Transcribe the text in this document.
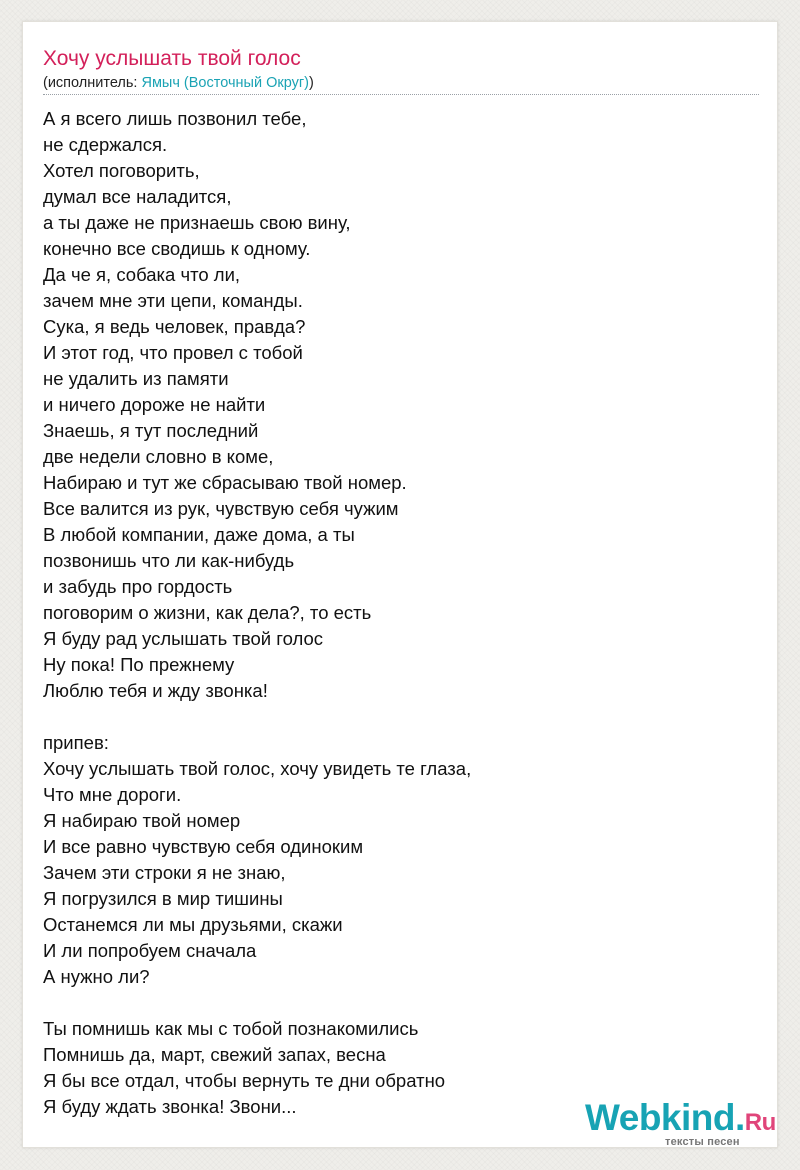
Хочу услышать твой голос
(исполнитель: Ямыч (Восточный Округ))
А я всего лишь позвонил тебе,
не сдержался.
Хотел поговорить,
думал все наладится,
а ты даже не признаешь свою вину,
конечно все сводишь к одному.
Да че я, собака что ли,
зачем мне эти цепи, команды.
Сука, я ведь человек, правда?
И этот год, что провел с тобой
не удалить из памяти
и ничего дороже не найти
Знаешь, я тут последний
две недели словно в коме,
Набираю и тут же сбрасываю твой номер.
Все валится из рук, чувствую себя чужим
В любой компании, даже дома, а ты
позвонишь что ли как-нибудь
и забудь про гордость
поговорим о жизни, как дела?, то есть
Я буду рад услышать твой голос
Ну пока! По прежнему
Люблю тебя и жду звонка!

припев:
Хочу услышать твой голос, хочу увидеть те глаза,
Что мне дороги.
Я набираю твой номер
И все равно чувствую себя одиноким
Зачем эти строки я не знаю,
Я погрузился в мир тишины
Останемся ли мы друзьями, скажи
И ли попробуем сначала
А нужно ли?

Ты помнишь как мы с тобой познакомились
Помнишь да, март, свежий запах, весна
Я бы все отдал, чтобы вернуть те дни обратно
Я буду ждать звонка! Звони...	Webkind.Ru
тексты песен
